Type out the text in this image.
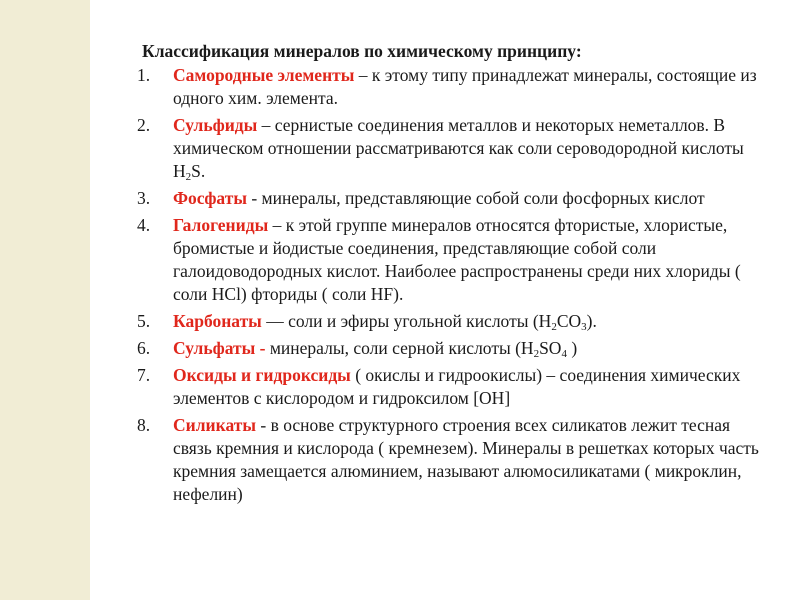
Классификация минералов по химическому принципу:
1. Самородные элементы – к этому типу принадлежат минералы, состоящие из одного хим. элемента.
2. Сульфиды – сернистые соединения металлов и некоторых неметаллов. В химическом отношении рассматриваются как соли сероводородной кислоты $H_2S$.
3. Фосфаты - минералы, представляющие собой соли фосфорных кислот
4. Галогениды – к этой группе минералов относятся фтористые, хлористые, бромистые и йодистые соединения, представляющие собой соли галоидоводородных кислот. Наиболее распространены среди них хлориды ( соли HCl) фториды ( соли HF).
5. Карбонаты — соли и эфиры угольной кислоты $(H_2CO_3)$.
6. Сульфаты - минералы, соли серной кислоты ($H_2SO_4$ )
7. Оксиды и гидроксиды ( окислы и гидроокислы) – соединения химических элементов с кислородом и гидроксилом [OH]
8. Силикаты - в основе структурного строения всех силикатов лежит тесная связь кремния и кислорода ( кремнезем). Минералы в решетках которых часть кремния замещается алюминием, называют алюмосиликатами ( микроклин, нефелин)
